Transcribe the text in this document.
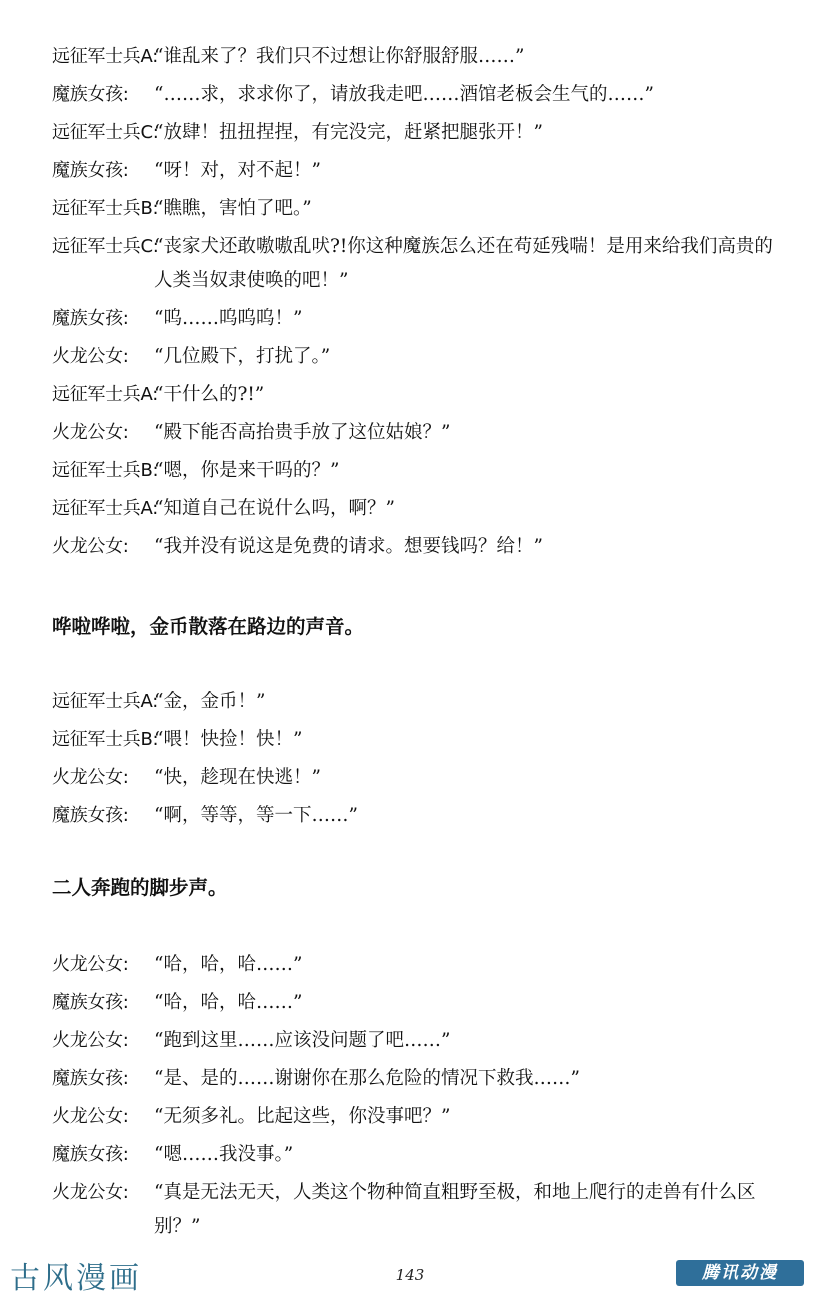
远征军士兵A:
“谁乱来了？我们只不过想让你舒服舒服……”
魔族女孩:	“……求，求求你了，请放我走吧……酒馆老板会生气的……”
远征军士兵C:
“放肆！扭扭捏捏，有完没完，赶紧把腿张开！”
魔族女孩:	“呀！对，对不起！”
远征军士兵B:
“瞧瞧，害怕了吧。”
远征军士兵C:
“丧家犬还敢嗷嗷乱吠?!你这种魔族怎么还在苟延残喘！是用来给我们高贵的人类当奴隶使唤的吧！”
魔族女孩:	“呜……呜呜呜！”
火龙公女:	“几位殿下，打扰了。”
远征军士兵A:
“干什么的?!”
火龙公女:	“殿下能否高抬贵手放了这位姑娘？”
远征军士兵B:
“嗯，你是来干吗的？”
远征军士兵A:
“知道自己在说什么吗，啊？”
火龙公女:	“我并没有说这是免费的请求。想要钱吗？给！”
哗啦哗啦，金币散落在路边的声音。
远征军士兵A:
“金，金币！”
远征军士兵B:
“喂！快捡！快！”
火龙公女:	“快，趁现在快逃！”
魔族女孩:	“啊，等等，等一下……”
二人奔跑的脚步声。
火龙公女:	“哈，哈，哈……”
魔族女孩:	“哈，哈，哈……”
火龙公女:	“跑到这里……应该没问题了吧……”
魔族女孩:	“是、是的……谢谢你在那么危险的情况下救我……”
火龙公女:	“无须多礼。比起这些，你没事吧？”
魔族女孩:	“嗯……我没事。”
火龙公女:	“真是无法无天，人类这个物种简直粗野至极，和地上爬行的走兽有什么区别？”
古风漫画	143	腾讯动漫
